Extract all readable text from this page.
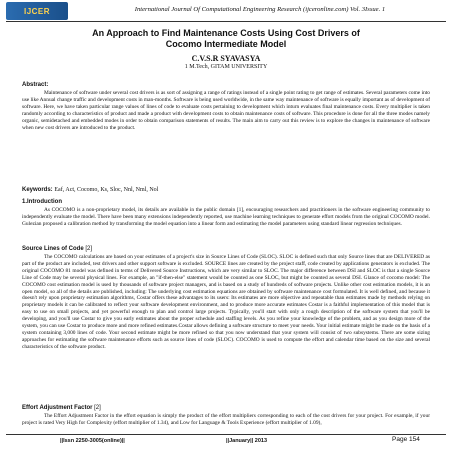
IJCER	International Journal Of Computational Engineering Research (ijceronline.com) Vol. 3Issue. 1
An Approach to Find Maintenance Costs Using Cost Drivers of
Cocomo Intermediate Model
C.V.S.R SYAVASYA
1 M.Tech, GITAM UNIVERSITY
Abstract:

Maintenance of software under several cost drivers is as sort of assigning a range of ratings instead of a single point rating to get range of estimates. Several parameters come into use like Annual change traffic and development costs in man-months. Software is being used worldwide, in the same way maintenance of software is equally important as of development of software. Here, we have taken particular range values of lines of code to evaluate costs pertaining to development which inturn evaluates final maintenance costs. Every multiplier is taken randomly according to characteristics of product and made a product with development costs to obtain maintenance costs of software. This procedure is done for all the three modes namely organic, semidetached and embedded modes in order to obtain comparison statements of results. The main aim to carry out this review is to explore the changes in maintenance of software when new cost drivers are introduced to the product.

Keywords: Eaf, Act, Cocomo, Ks, Sloc, Nnl, Nml, Nol
1.Introduction

As COCOMO is a non-proprietary model, its details are available in the public domain [1], encouraging researchers and practitioners in the software engineering community to independently evaluate the model. There have been many extensions independently reported, use machine learning techniques to generate effort models from the original COCOMO model. Gulezian proposed a calibration method by transforming the model equation into a linear form and estimating the model parameters using standard linear regression techniques.

Source Lines of Code [2]

The COCOMO calculations are based on your estimates of a project's size in Source Lines of Code (SLOC). SLOC is defined such that only Source lines that are DELIVERED as part of the product are included, test drivers and other support software is excluded. SOURCE lines are created by the project staff, code created by applications generators is excluded. The original COCOMO 81 model was defined in terms of Delivered Source Instructions, which are very similar to SLOC. The major difference between DSI and SLOC is that a single Source Line of Code may be several physical lines. For example, an "if-then-else" statement would be counted as one SLOC, but might be counted as several DSI. Glance of cocomo model: The COCOMO cost estimation model is used by thousands of software project managers, and is based on a study of hundreds of software projects. Unlike other cost estimation models, it is an open model, so all of the details are published, including: The underlying cost estimation equations are obtained by software maintenance cost formulated. It is well defined, and because it doesn't rely upon proprietary estimation algorithms, Costar offers these advantages to its users: Its estimates are more objective and repeatable than estimates made by methods relying on proprietary models it can be calibrated to reflect your software development environment, and to produce more accurate estimates Costar is a faithful implementation of this model that is easy to use on small projects, and yet powerful enough to plan and control large projects. Typically, you'll start with only a rough description of the software system that you'll be developing, and you'll use Costar to give you early estimates about the proper schedule and staffing levels. As you refine your knowledge of the problem, and as you design more of the system, you can use Costar to produce more and more refined estimates.Costar allows defining a software structure to meet your needs. Your initial estimate might be made on the basis of a system containing 3,000 lines of code. Your second estimate might be more refined so that you now understand that your system will consist of two subsystems. There are some sizing approaches for estimating the software maintenance efforts such as source lines of code (SLOC). COCOMO is used to compute the effort and calendar time based on the size and several characteristics of the software product.

Effort Adjustment Factor [2]

The Effort Adjustment Factor in the effort equation is simply the product of the effort multipliers corresponding to each of the cost drivers for your project. For example, if your project is rated Very High for Complexity (effort multiplier of 1.34), and Low for Language & Tools Experience (effort multiplier of 1.09),

||Issn 2250-3005(online)||	||January|| 2013	Page 154
